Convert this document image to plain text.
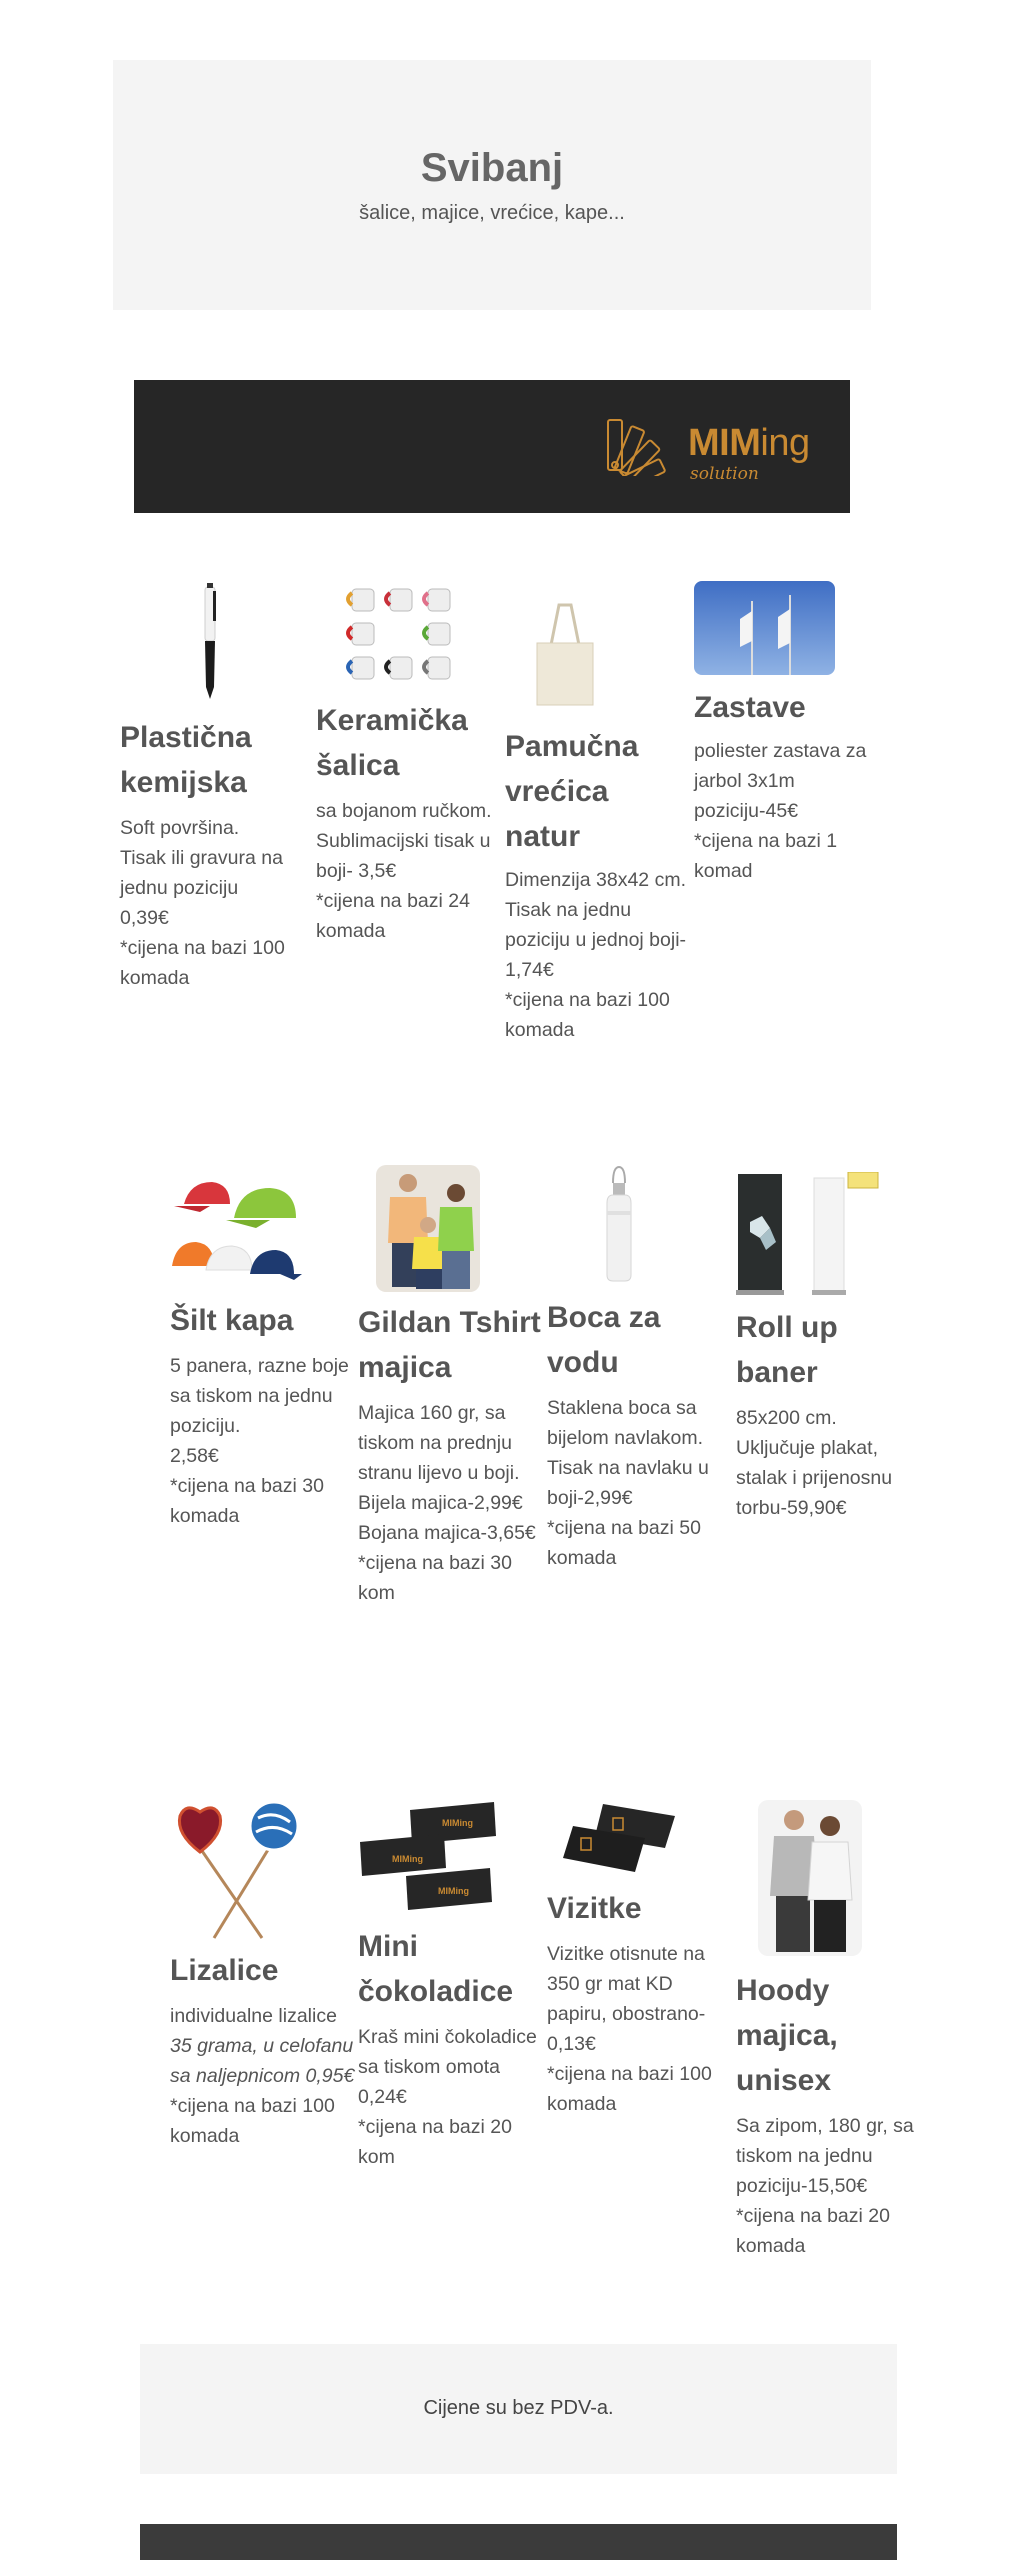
Svibanj

šalice, majice, vrećice, kape...

MIMing
solution
Plastična kemijska
Soft površina.
Tisak ili gravura na jednu poziciju
0,39€
*cijena na bazi 100 komada
Keramička šalica
sa bojanom ručkom.
Sublimacijski tisak u boji- 3,5€
*cijena na bazi 24 komada
Pamučna vrećica natur
Dimenzija 38x42 cm.
Tisak na jednu poziciju u jednoj boji-1,74€
*cijena na bazi 100 komada
Zastave
poliester zastava za jarbol 3x1m
poziciju-45€
*cijena na bazi 1 komad
Šilt kapa
5 panera, razne boje sa tiskom na jednu poziciju.
2,58€
*cijena na bazi 30 komada
Gildan Tshirt majica
Majica 160 gr, sa tiskom na prednju stranu lijevo u boji.
Bijela majica-2,99€
Bojana majica-3,65€
*cijena na bazi 30 kom
Boca za vodu
Staklena boca sa bijelom navlakom.
Tisak na navlaku u boji-2,99€
*cijena na bazi 50 komada
Roll up baner
85x200 cm.
Uključuje plakat, stalak i prijenosnu torbu-59,90€
Lizalice
individualne lizalice 35 grama, u celofanu sa naljepnicom 0,95€
*cijena na bazi 100 komada
MIMing
MIMing
MIMing
Mini čokoladice
Kraš mini čokoladice sa tiskom omota
0,24€
*cijena na bazi 20 kom
Vizitke
Vizitke otisnute na 350 gr mat KD papiru, obostrano-0,13€
*cijena na bazi 100 komada
Hoody majica, unisex
Sa zipom, 180 gr, sa tiskom na jednu poziciju-15,50€
*cijena na bazi 20 komada

Cijene su bez PDV-a.
